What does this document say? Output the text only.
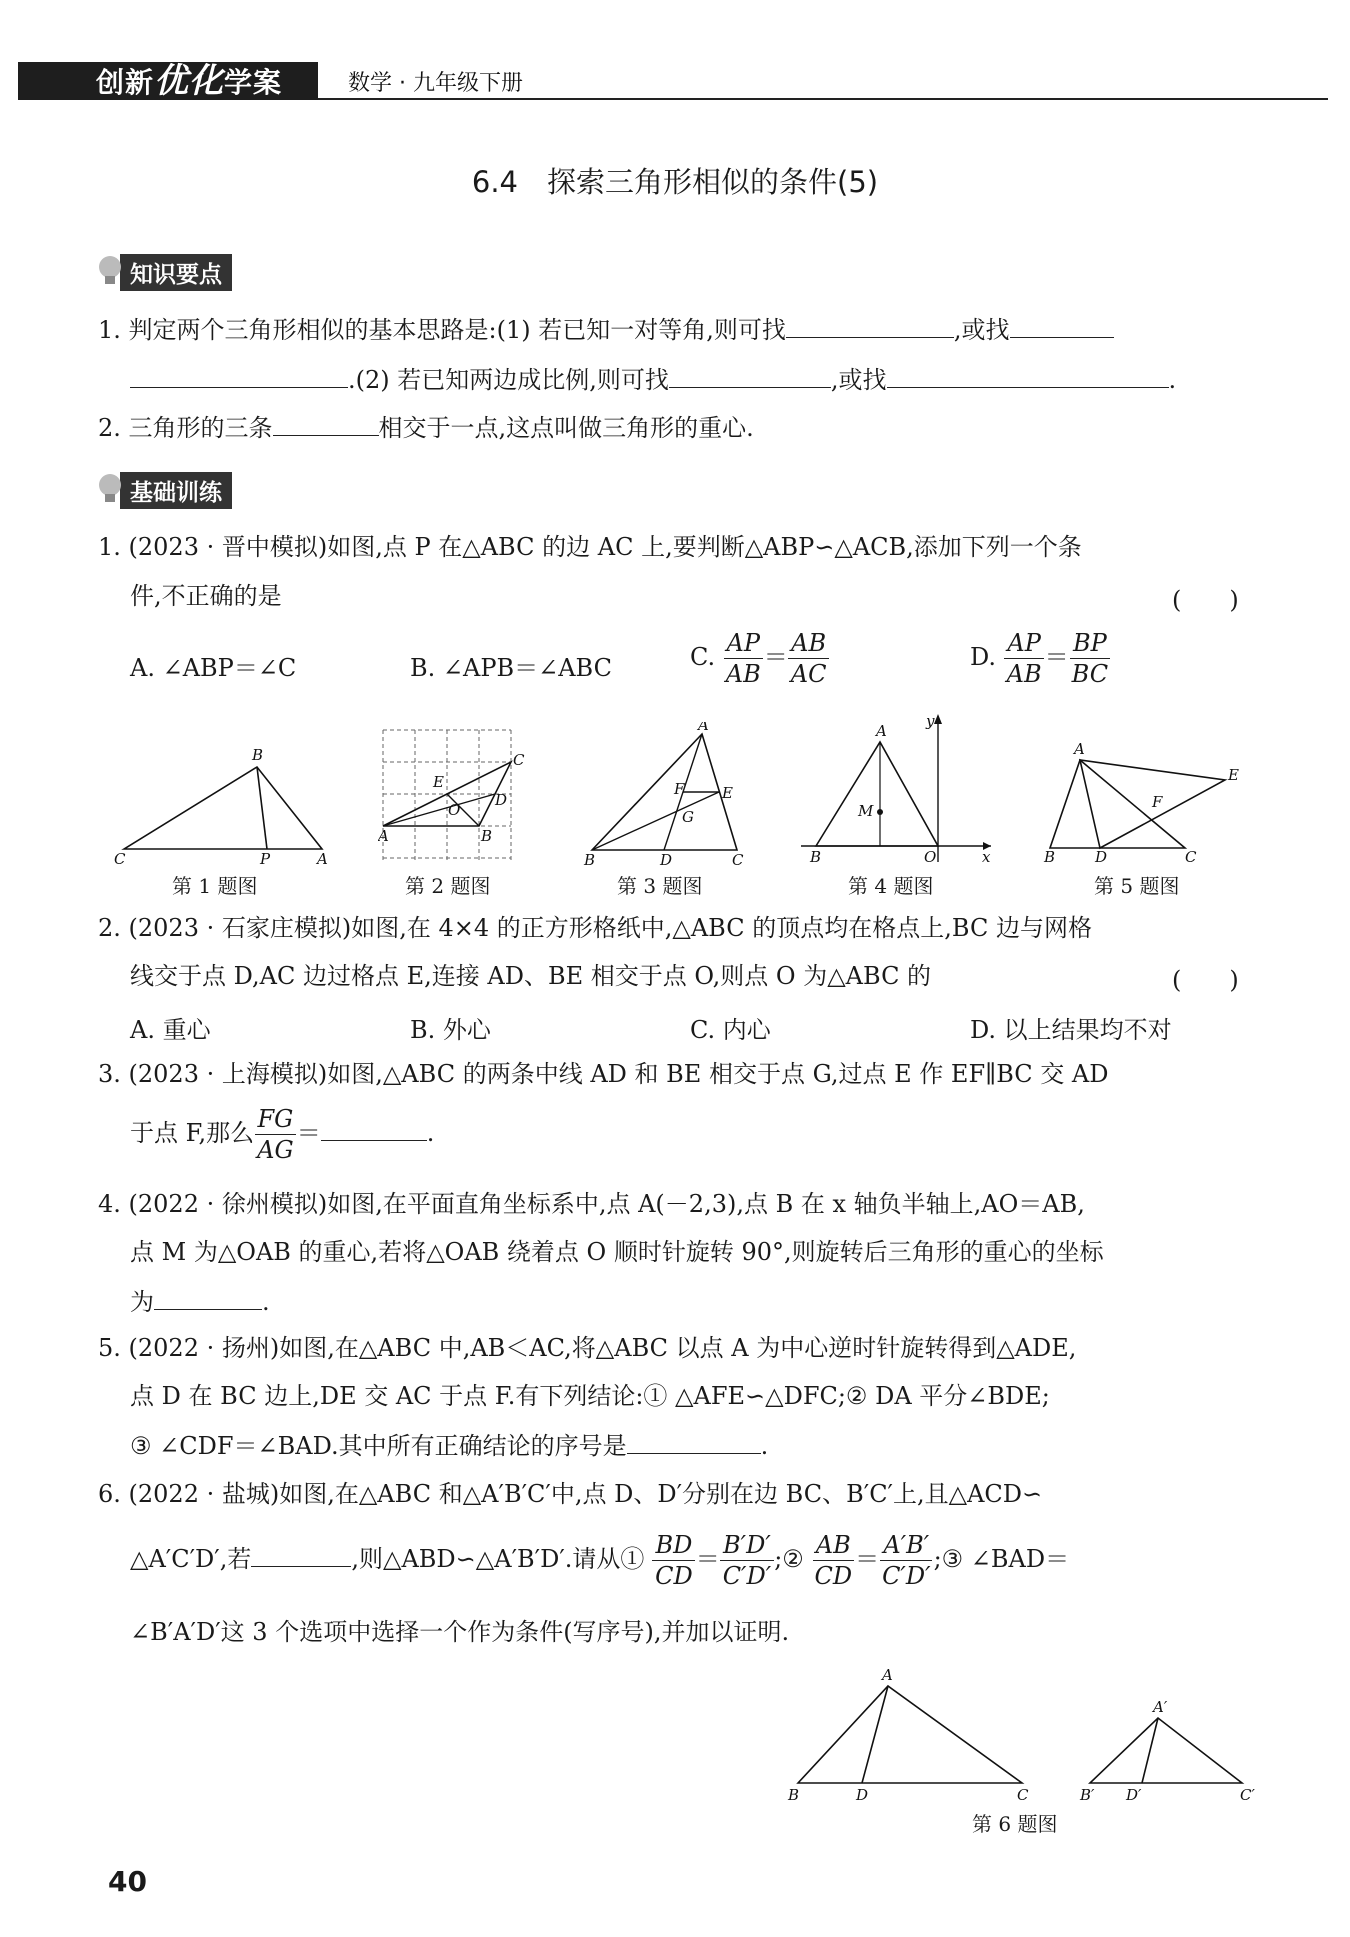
创新优化学案	数学 · 九年级下册
6.4　探索三角形相似的条件(5)
知识要点
1. 判定两个三角形相似的基本思路是:(1) 若已知一对等角,则可找	,或找
.(2) 若已知两边成比例,则可找	,或找	.
2. 三角形的三条	相交于一点,这点叫做三角形的重心.
基础训练
1. (2023 · 晋中模拟)如图,点 P 在△ABC 的边 AC 上,要判断△ABP∽△ACB,添加下列一个条
件,不正确的是	(　　)
A. ∠ABP＝∠C	B. ∠APB＝∠ABC	C. $\frac{AP}{AB} = \frac{AB}{AC}$	D. $\frac{AP}{AB} = \frac{BP}{BC}$
B
C	P	A
第 1 题图
C
E
O
D
A	B
第 2 题图
A
F	E
G
B	D	C
第 3 题图
A
M
B	O	x
y
第 4 题图
A
E
F
B	D	C
第 5 题图
2. (2023 · 石家庄模拟)如图,在 4×4 的正方形格纸中,△ABC 的顶点均在格点上,BC 边与网格
线交于点 D,AC 边过格点 E,连接 AD、BE 相交于点 O,则点 O 为△ABC 的	(　　)
A. 重心	B. 外心	C. 内心	D. 以上结果均不对
3. (2023 · 上海模拟)如图,△ABC 的两条中线 AD 和 BE 相交于点 G,过点 E 作 EF∥BC 交 AD
于点 F,那么 $\frac{FG}{AG}$ ＝	.
4. (2022 · 徐州模拟)如图,在平面直角坐标系中,点 A(－2,3),点 B 在 x 轴负半轴上,AO＝AB,
点 M 为△OAB 的重心,若将△OAB 绕着点 O 顺时针旋转 90°,则旋转后三角形的重心的坐标
为	.
5. (2022 · 扬州)如图,在△ABC 中,AB＜AC,将△ABC 以点 A 为中心逆时针旋转得到△ADE,
点 D 在 BC 边上,DE 交 AC 于点 F.有下列结论:① △AFE∽△DFC;② DA 平分∠BDE;
③ ∠CDF＝∠BAD.其中所有正确结论的序号是	.
6. (2022 · 盐城)如图,在△ABC 和△A′B′C′中,点 D、D′分别在边 BC、B′C′上,且△ACD∽
△A′C′D′,若	,则△ABD∽△A′B′D′.请从① $\frac{BD}{CD} = \frac{B'D'}{C'D'}$ ;② $\frac{AB}{CD} = \frac{A'B'}{C'D'}$ ;③ ∠BAD＝
∠B′A′D′这 3 个选项中选择一个作为条件(写序号),并加以证明.
A
B	D	C
A′
B′ D′	C′
第 6 题图
40
